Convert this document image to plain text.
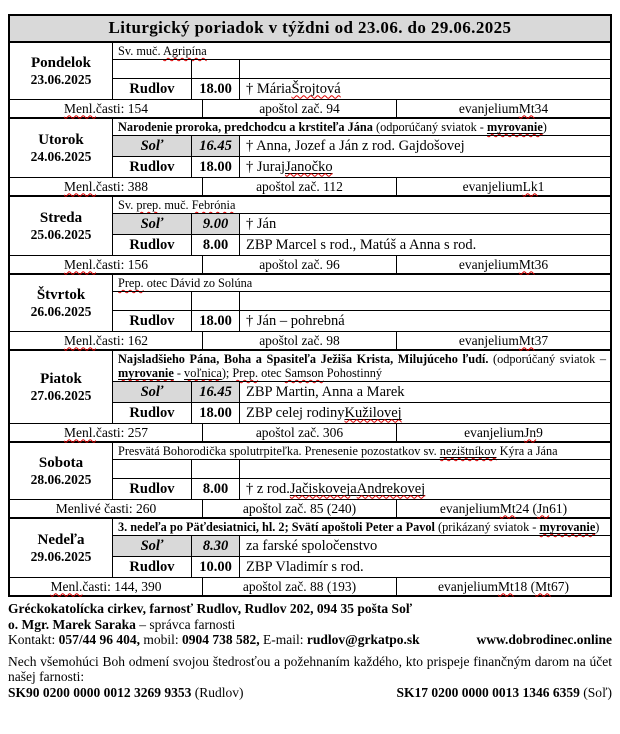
Liturgický poriadok v týždni od 23.06. do 29.06.2025
Pondelok
23.06.2025
Sv. muč. Agripína
Rudlov	18.00 † Mária Šrojtová
Menl. časti: 154	apoštol zač. 94	evanjelium Mt 34
Utorok
24.06.2025
Narodenie proroka, predchodcu a krstiteľa Jána (odporúčaný sviatok - myrovanie)
Soľ	16.45 † Anna, Jozef a Ján z rod. Gajdošovej
Rudlov	18.00 † Juraj Janočko
Menl. časti: 388	apoštol zač. 112	evanjelium Lk 1
Streda
25.06.2025
Sv. prep. muč. Febrónia
Soľ	9.00	† Ján
Rudlov	8.00	ZBP Marcel s rod., Matúš a Anna s rod.
Menl. časti: 156	apoštol zač. 96	evanjelium Mt 36
Štvrtok
26.06.2025
Prep. otec Dávid zo Solúna
Rudlov	18.00 † Ján – pohrebná
Menl. časti: 162	apoštol zač. 98	evanjelium Mt 37
Piatok
27.06.2025
Najsladšieho Pána, Boha a Spasiteľa Ježiša Krista, Milujúceho ľudí. (odporúčaný sviatok – myrovanie - voľnica); Prep. otec Samson Pohostinný
Soľ	16.45 ZBP Martin, Anna a Marek
Rudlov	18.00 ZBP celej rodiny Kužilovej
Menl. časti: 257	apoštol zač. 306	evanjelium Jn 9
Sobota
28.06.2025
Presvätá Bohorodička spolutrpiteľka. Prenesenie pozostatkov sv. nezištníkov Kýra a Jána
Rudlov	8.00	† z rod. Jačiskovej a Andrekovej
Menlivé časti: 260	apoštol zač. 85 (240)	evanjelium Mt 24 ( Jn 61)
Nedeľa
29.06.2025
3. nedeľa po Päťdesiatnici, hl. 2; Svätí apoštoli Peter a Pavol (prikázaný sviatok - myrovanie)
Soľ	8.30	za farské spoločenstvo
Rudlov	10.00 ZBP Vladimír s rod.
Menl. časti: 144, 390	apoštol zač. 88 (193)	evanjelium Mt 18 ( Mt 67)
Gréckokatolícka cirkev, farnosť Rudlov, Rudlov 202, 094 35 pošta Soľ
o. Mgr. Marek Saraka – správca farnosti
Kontakt: 057/44 96 404, mobil: 0904 738 582, E-mail: rudlov@grkatpo.sk	www.dobrodinec.online
Nech všemohúci Boh odmení svojou štedrosťou a požehnaním každého, kto prispeje finančným darom na účet našej farnosti:
SK90 0200 0000 0012 3269 9353 (Rudlov)	SK17 0200 0000 0013 1346 6359 (Soľ)
